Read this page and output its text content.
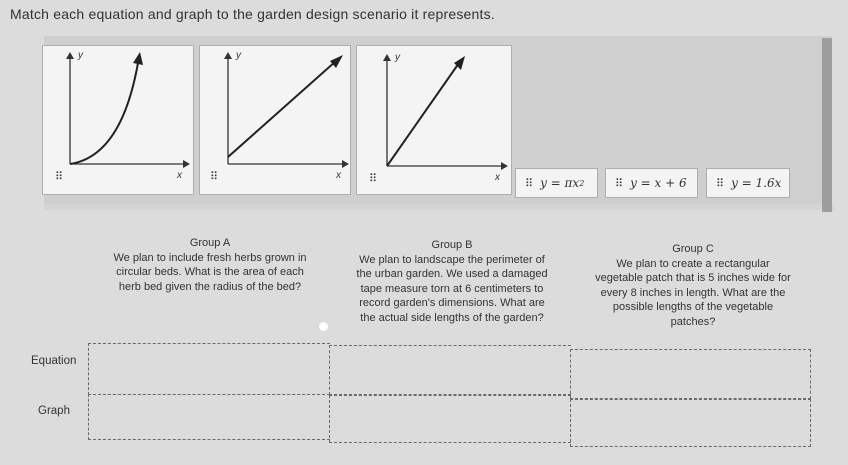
Match each equation and graph to the garden design scenario it represents.
y
x
⠿
y
x
⠿
y
x
⠿	⠿ y = πx 2	⠿ y = x + 6	⠿ y = 1.6x
Group A
We plan to include fresh herbs grown in
circular beds. What is the area of each
herb bed given the radius of the bed?
Group B
We plan to landscape the perimeter of
the urban garden. We used a damaged
tape measure torn at 6 centimeters to
record garden's dimensions. What are
the actual side lengths of the garden?
Group C
We plan to create a rectangular
vegetable patch that is 5 inches wide for
every 8 inches in length. What are the
possible lengths of the vegetable
patches?
Equation
Graph
